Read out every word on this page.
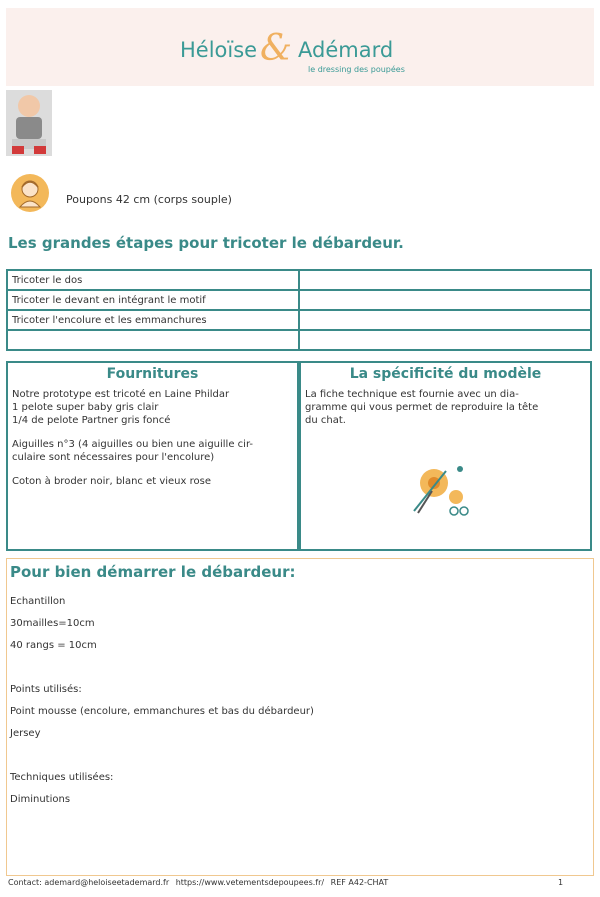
Héloïse & Adémard
le dressing des poupées
Poupons 42 cm (corps souple)
Les grandes étapes pour tricoter le débardeur.
Tricoter le dos	
Tricoter le devant en intégrant le motif	
Tricoter l'encolure et les emmanchures	

Fournitures

Notre prototype est tricoté en Laine Phildar

1 pelote super baby gris clair

1/4 de pelote Partner gris foncé

Aiguilles n°3 (4 aiguilles ou bien une aiguille cir-

culaire sont nécessaires pour l'encolure)

Coton à broder noir, blanc et vieux rose

La spécificité du modèle

La fiche technique est fournie avec un dia-

gramme qui vous permet de reproduire la tête

du chat.

Pour bien démarrer le débardeur:

Echantillon

30mailles=10cm

40 rangs = 10cm

Points utilisés:

Point mousse (encolure, emmanchures et bas du débardeur)

Jersey

Techniques utilisées:

Diminutions

Contact: ademard@heloiseetademard.fr https://www.vetementsdepoupees.fr/ REF A42-CHAT	1
